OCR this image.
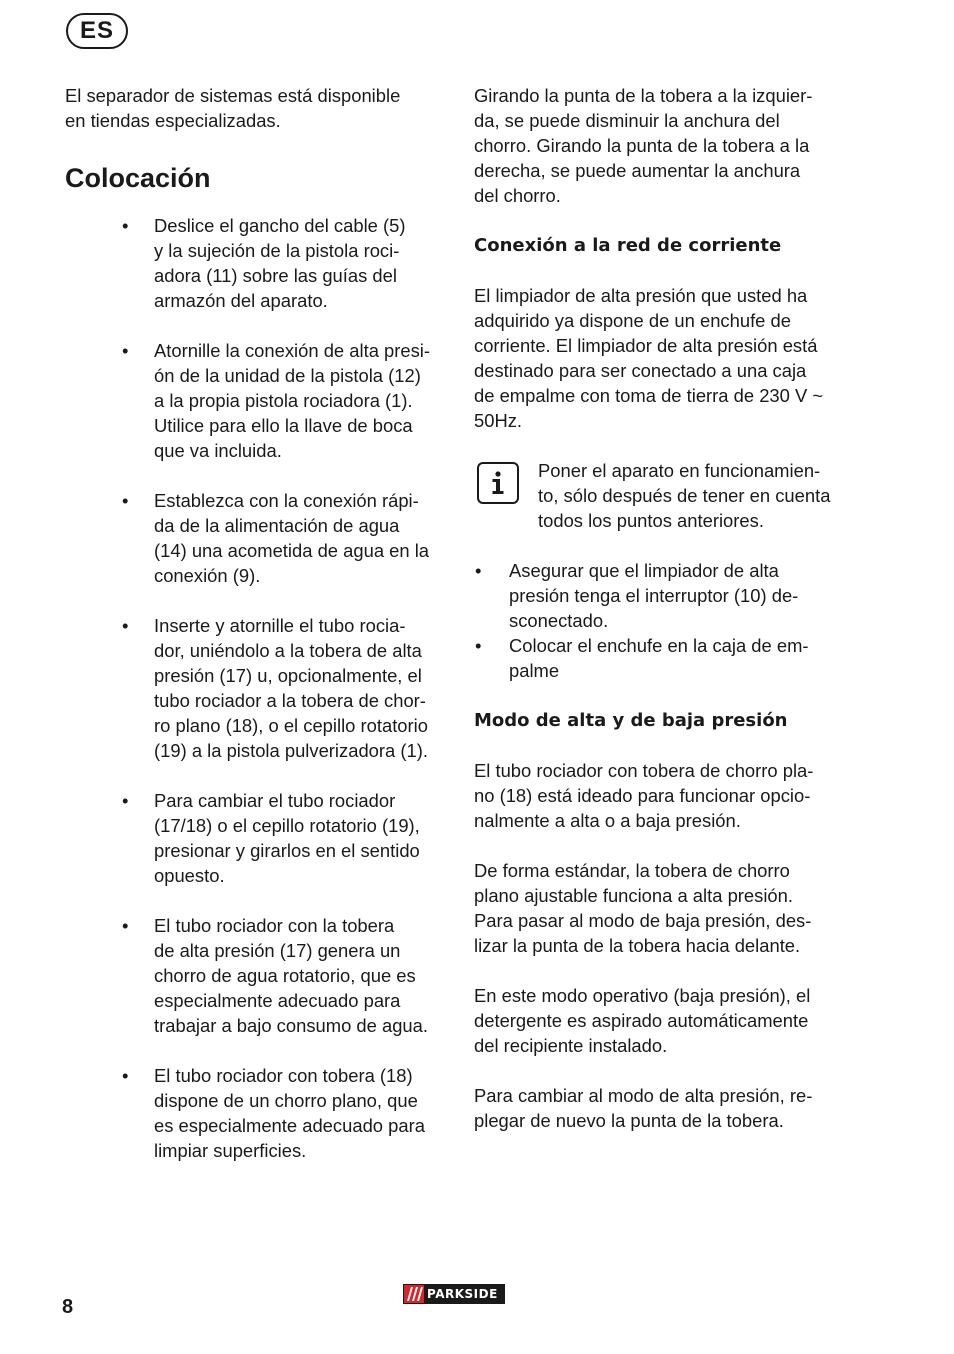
ES

El separador de sistemas está disponible
en tiendas especializadas.

Colocación
• Deslice el gancho del cable (5)
y la sujeción de la pistola roci-
adora (11) sobre las guías del
armazón del aparato.
• Atornille la conexión de alta presi-
ón de la unidad de la pistola (12)
a la propia pistola rociadora (1).
Utilice para ello la llave de boca
que va incluida.
• Establezca con la conexión rápi-
da de la alimentación de agua
(14) una acometida de agua en la
conexión (9).
• Inserte y atornille el tubo rocia-
dor, uniéndolo a la tobera de alta
presión (17) u, opcionalmente, el
tubo rociador a la tobera de chor-
ro plano (18), o el cepillo rotatorio
(19) a la pistola pulverizadora (1).
• Para cambiar el tubo rociador
(17/18) o el cepillo rotatorio (19),
presionar y girarlos en el sentido
opuesto.
• El tubo rociador con la tobera
de alta presión (17) genera un
chorro de agua rotatorio, que es
especialmente adecuado para
trabajar a bajo consumo de agua.
• El tubo rociador con tobera (18)
dispone de un chorro plano, que
es especialmente adecuado para
limpiar superficies.

Girando la punta de la tobera a la izquier-
da, se puede disminuir la anchura del
chorro. Girando la punta de la tobera a la
derecha, se puede aumentar la anchura
del chorro.

Conexión a la red de corriente

El limpiador de alta presión que usted ha
adquirido ya dispone de un enchufe de
corriente. El limpiador de alta presión está
destinado para ser conectado a una caja
de empalme con toma de tierra de 230 V ~
50Hz.

Poner el aparato en funcionamien-
to, sólo después de tener en cuenta
todos los puntos anteriores.

• Asegurar que el limpiador de alta
presión tenga el interruptor (10) de-
sconectado.
• Colocar el enchufe en la caja de em-
palme
Modo de alta y de baja presión

El tubo rociador con tobera de chorro pla-
no (18) está ideado para funcionar opcio-
nalmente a alta o a baja presión.

De forma estándar, la tobera de chorro
plano ajustable funciona a alta presión.
Para pasar al modo de baja presión, des-
lizar la punta de la tobera hacia delante.

En este modo operativo (baja presión), el
detergente es aspirado automáticamente
del recipiente instalado.

Para cambiar al modo de alta presión, re-
plegar de nuevo la punta de la tobera.

8
PARKSIDE
